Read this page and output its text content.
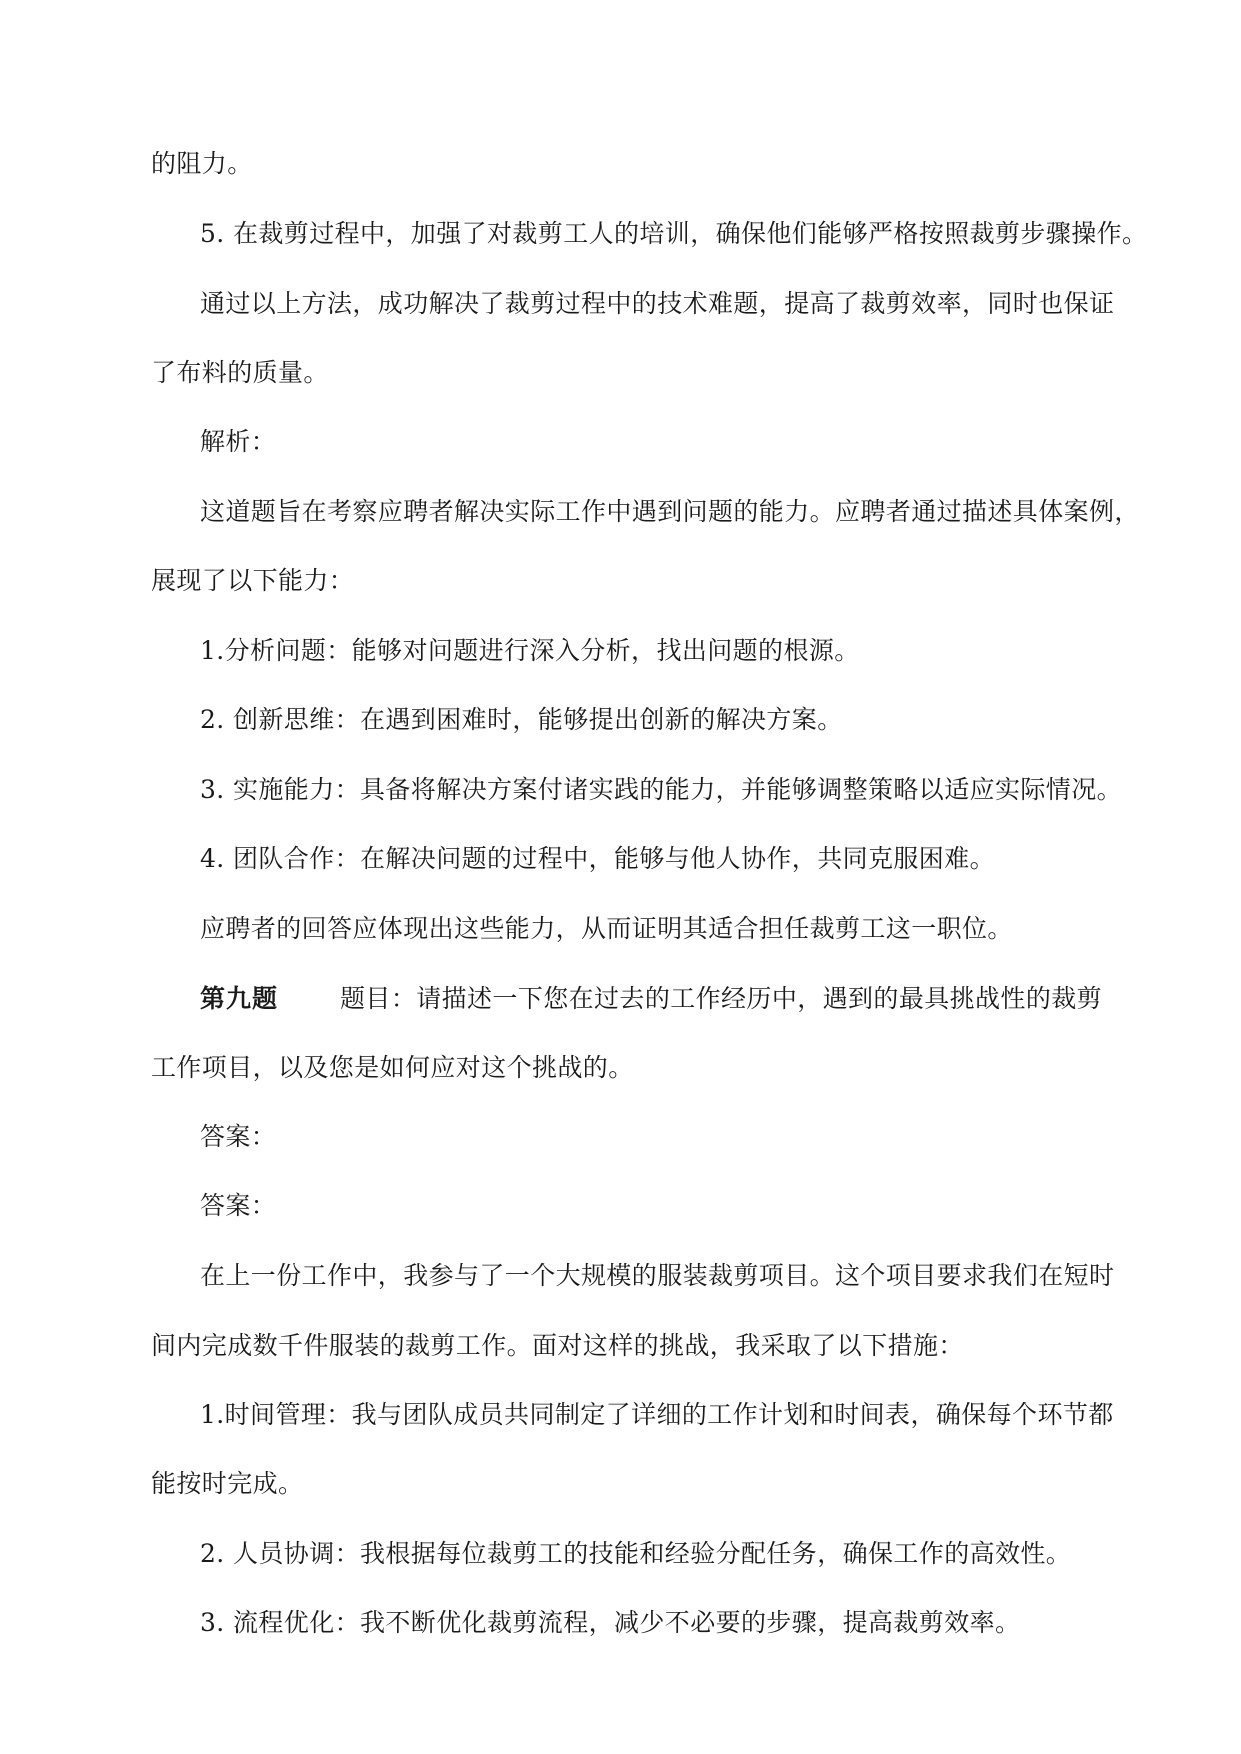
的阻力。
5. 在裁剪过程中，加强了对裁剪工人的培训，确保他们能够严格按照裁剪步骤操作。
通过以上方法，成功解决了裁剪过程中的技术难题，提高了裁剪效率，同时也保证
了布料的质量。
解析：
这道题旨在考察应聘者解决实际工作中遇到问题的能力。应聘者通过描述具体案例，
展现了以下能力：
1.分析问题：能够对问题进行深入分析，找出问题的根源。
2. 创新思维：在遇到困难时，能够提出创新的解决方案。
3. 实施能力：具备将解决方案付诸实践的能力，并能够调整策略以适应实际情况。
4. 团队合作：在解决问题的过程中，能够与他人协作，共同克服困难。
应聘者的回答应体现出这些能力，从而证明其适合担任裁剪工这一职位。
第九题 题目：请描述一下您在过去的工作经历中，遇到的最具挑战性的裁剪
工作项目，以及您是如何应对这个挑战的。
答案：
答案：
在上一份工作中，我参与了一个大规模的服装裁剪项目。这个项目要求我们在短时
间内完成数千件服装的裁剪工作。面对这样的挑战，我采取了以下措施：
1.时间管理：我与团队成员共同制定了详细的工作计划和时间表，确保每个环节都
能按时完成。
2. 人员协调：我根据每位裁剪工的技能和经验分配任务，确保工作的高效性。
3. 流程优化：我不断优化裁剪流程，减少不必要的步骤，提高裁剪效率。
